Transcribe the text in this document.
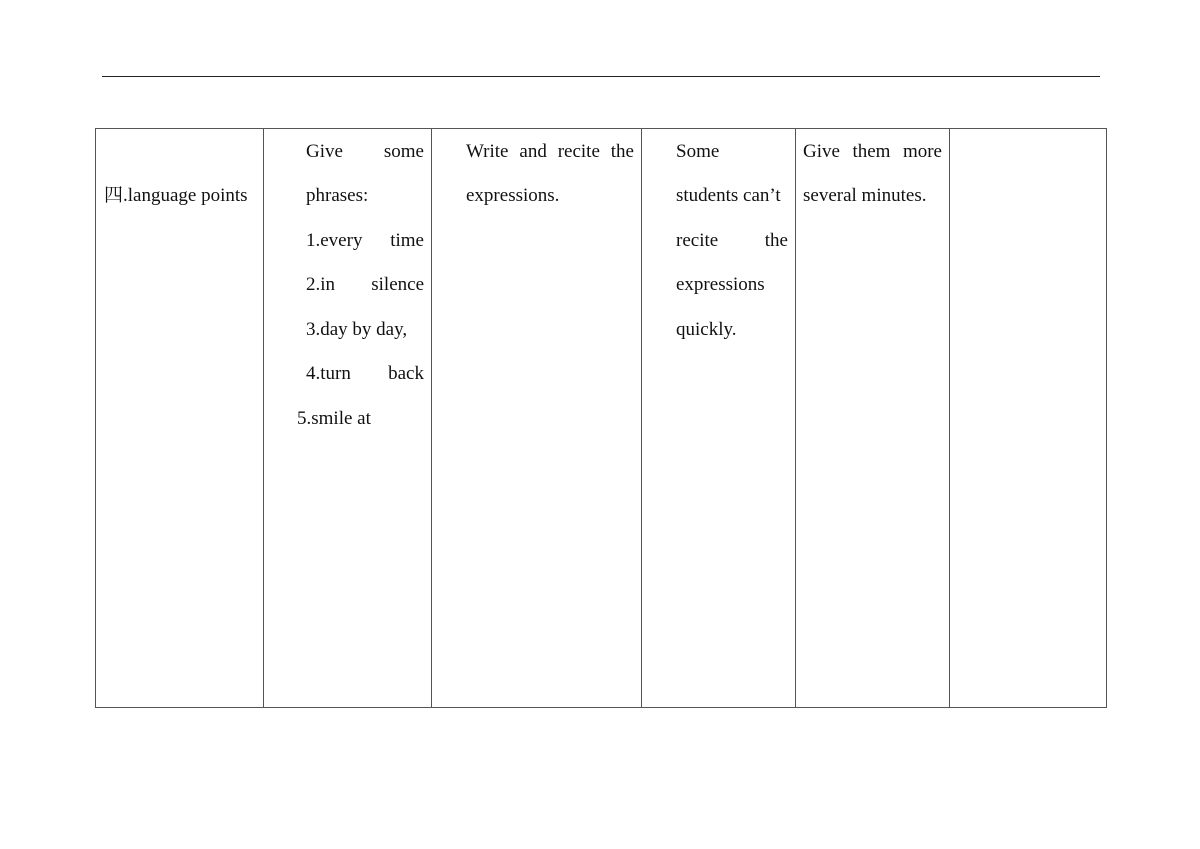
四.language points

Give some
phrases:
1.every time
2.in silence
3.day by day,
4.turn back
5.smile at

Write and recite the
expressions.

Some
students can’t
recite the
expressions
quickly.

Give them more
several minutes.
